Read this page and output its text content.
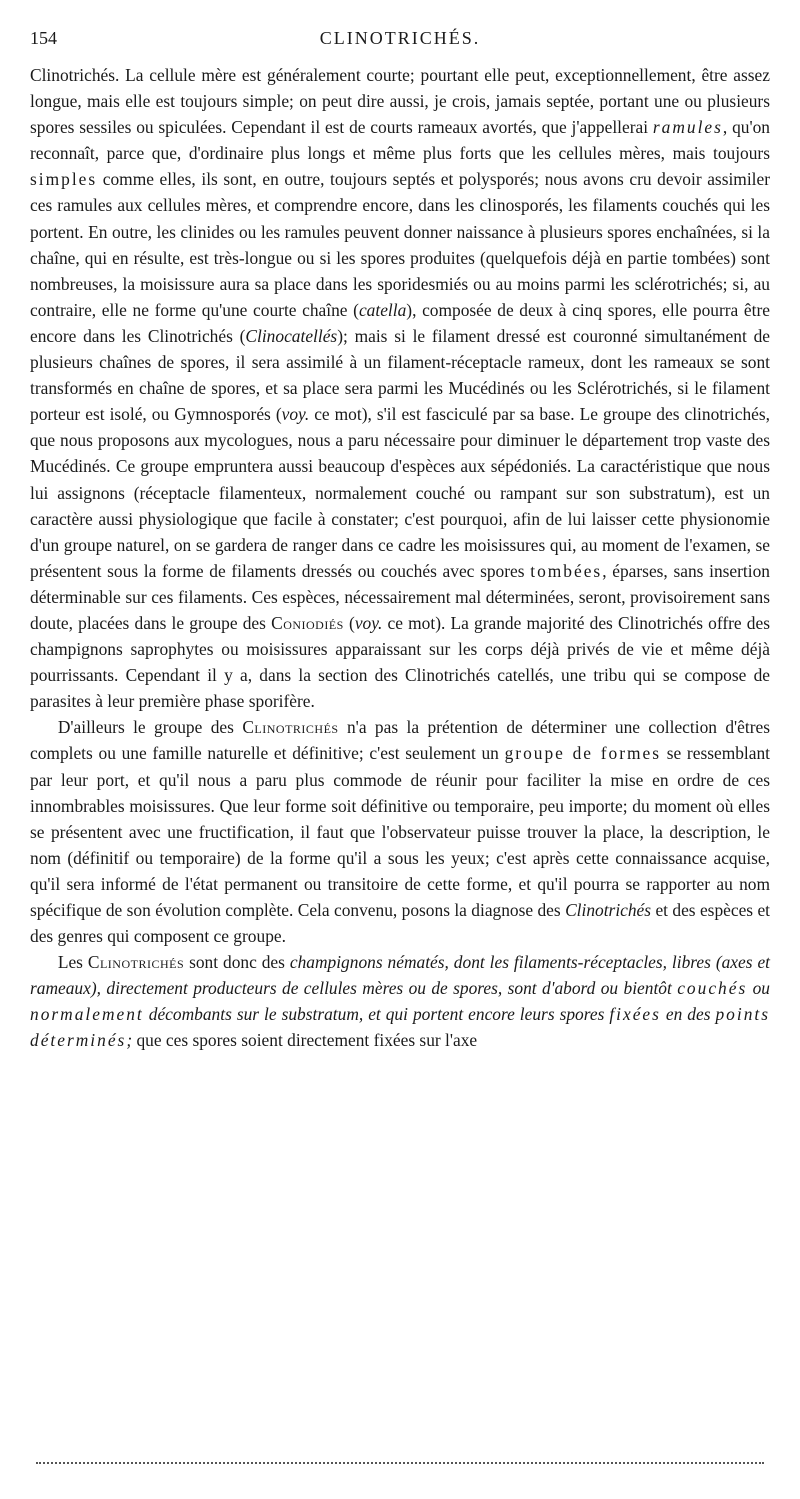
154	CLINOTRICHÉS.

Clinotrichés. La cellule mère est généralement courte; pourtant elle peut, exceptionnellement, être assez longue, mais elle est toujours simple; on peut dire aussi, je crois, jamais septée, portant une ou plusieurs spores sessiles ou spiculées. Cependant il est de courts rameaux avortés, que j'appellerai ramules, qu'on reconnaît, parce que, d'ordinaire plus longs et même plus forts que les cellules mères, mais toujours simples comme elles, ils sont, en outre, toujours septés et polysporés; nous avons cru devoir assimiler ces ramules aux cellules mères, et comprendre encore, dans les clinosporés, les filaments couchés qui les portent. En outre, les clinides ou les ramules peuvent donner naissance à plusieurs spores enchaînées, si la chaîne, qui en résulte, est très-longue ou si les spores produites (quelquefois déjà en partie tombées) sont nombreuses, la moisissure aura sa place dans les sporidesmiés ou au moins parmi les sclérotrichés; si, au contraire, elle ne forme qu'une courte chaîne (catella), composée de deux à cinq spores, elle pourra être encore dans les Clinotrichés (Clinocatellés); mais si le filament dressé est couronné simultanément de plusieurs chaînes de spores, il sera assimilé à un filament-réceptacle rameux, dont les rameaux se sont transformés en chaîne de spores, et sa place sera parmi les Mucédinés ou les Sclérotrichés, si le filament porteur est isolé, ou Gymnosporés (voy. ce mot), s'il est fasciculé par sa base. Le groupe des clinotrichés, que nous proposons aux mycologues, nous a paru nécessaire pour diminuer le département trop vaste des Mucédinés. Ce groupe empruntera aussi beaucoup d'espèces aux sépédoniés. La caractéristique que nous lui assignons (réceptacle filamenteux, normalement couché ou rampant sur son substratum), est un caractère aussi physiologique que facile à constater; c'est pourquoi, afin de lui laisser cette physionomie d'un groupe naturel, on se gardera de ranger dans ce cadre les moisissures qui, au moment de l'examen, se présentent sous la forme de filaments dressés ou couchés avec spores tombées, éparses, sans insertion déterminable sur ces filaments. Ces espèces, nécessairement mal déterminées, seront, provisoirement sans doute, placées dans le groupe des Coniodiés (voy. ce mot). La grande majorité des Clinotrichés offre des champignons saprophytes ou moisissures apparaissant sur les corps déjà privés de vie et même déjà pourrissants. Cependant il y a, dans la section des Clinotrichés catellés, une tribu qui se compose de parasites à leur première phase sporifère.

D'ailleurs le groupe des Clinotrichés n'a pas la prétention de déterminer une collection d'êtres complets ou une famille naturelle et définitive; c'est seulement un groupe de formes se ressemblant par leur port, et qu'il nous a paru plus commode de réunir pour faciliter la mise en ordre de ces innombrables moisissures. Que leur forme soit définitive ou temporaire, peu importe; du moment où elles se présentent avec une fructification, il faut que l'observateur puisse trouver la place, la description, le nom (définitif ou temporaire) de la forme qu'il a sous les yeux; c'est après cette connaissance acquise, qu'il sera informé de l'état permanent ou transitoire de cette forme, et qu'il pourra se rapporter au nom spécifique de son évolution complète. Cela convenu, posons la diagnose des Clinotrichés et des espèces et des genres qui composent ce groupe.

Les Clinotrichés sont donc des champignons nématés, dont les filaments-réceptacles, libres (axes et rameaux), directement producteurs de cellules mères ou de spores, sont d'abord ou bientôt couchés ou normalement décombants sur le substratum, et qui portent encore leurs spores fixées en des points déterminés; que ces spores soient directement fixées sur l'axe
